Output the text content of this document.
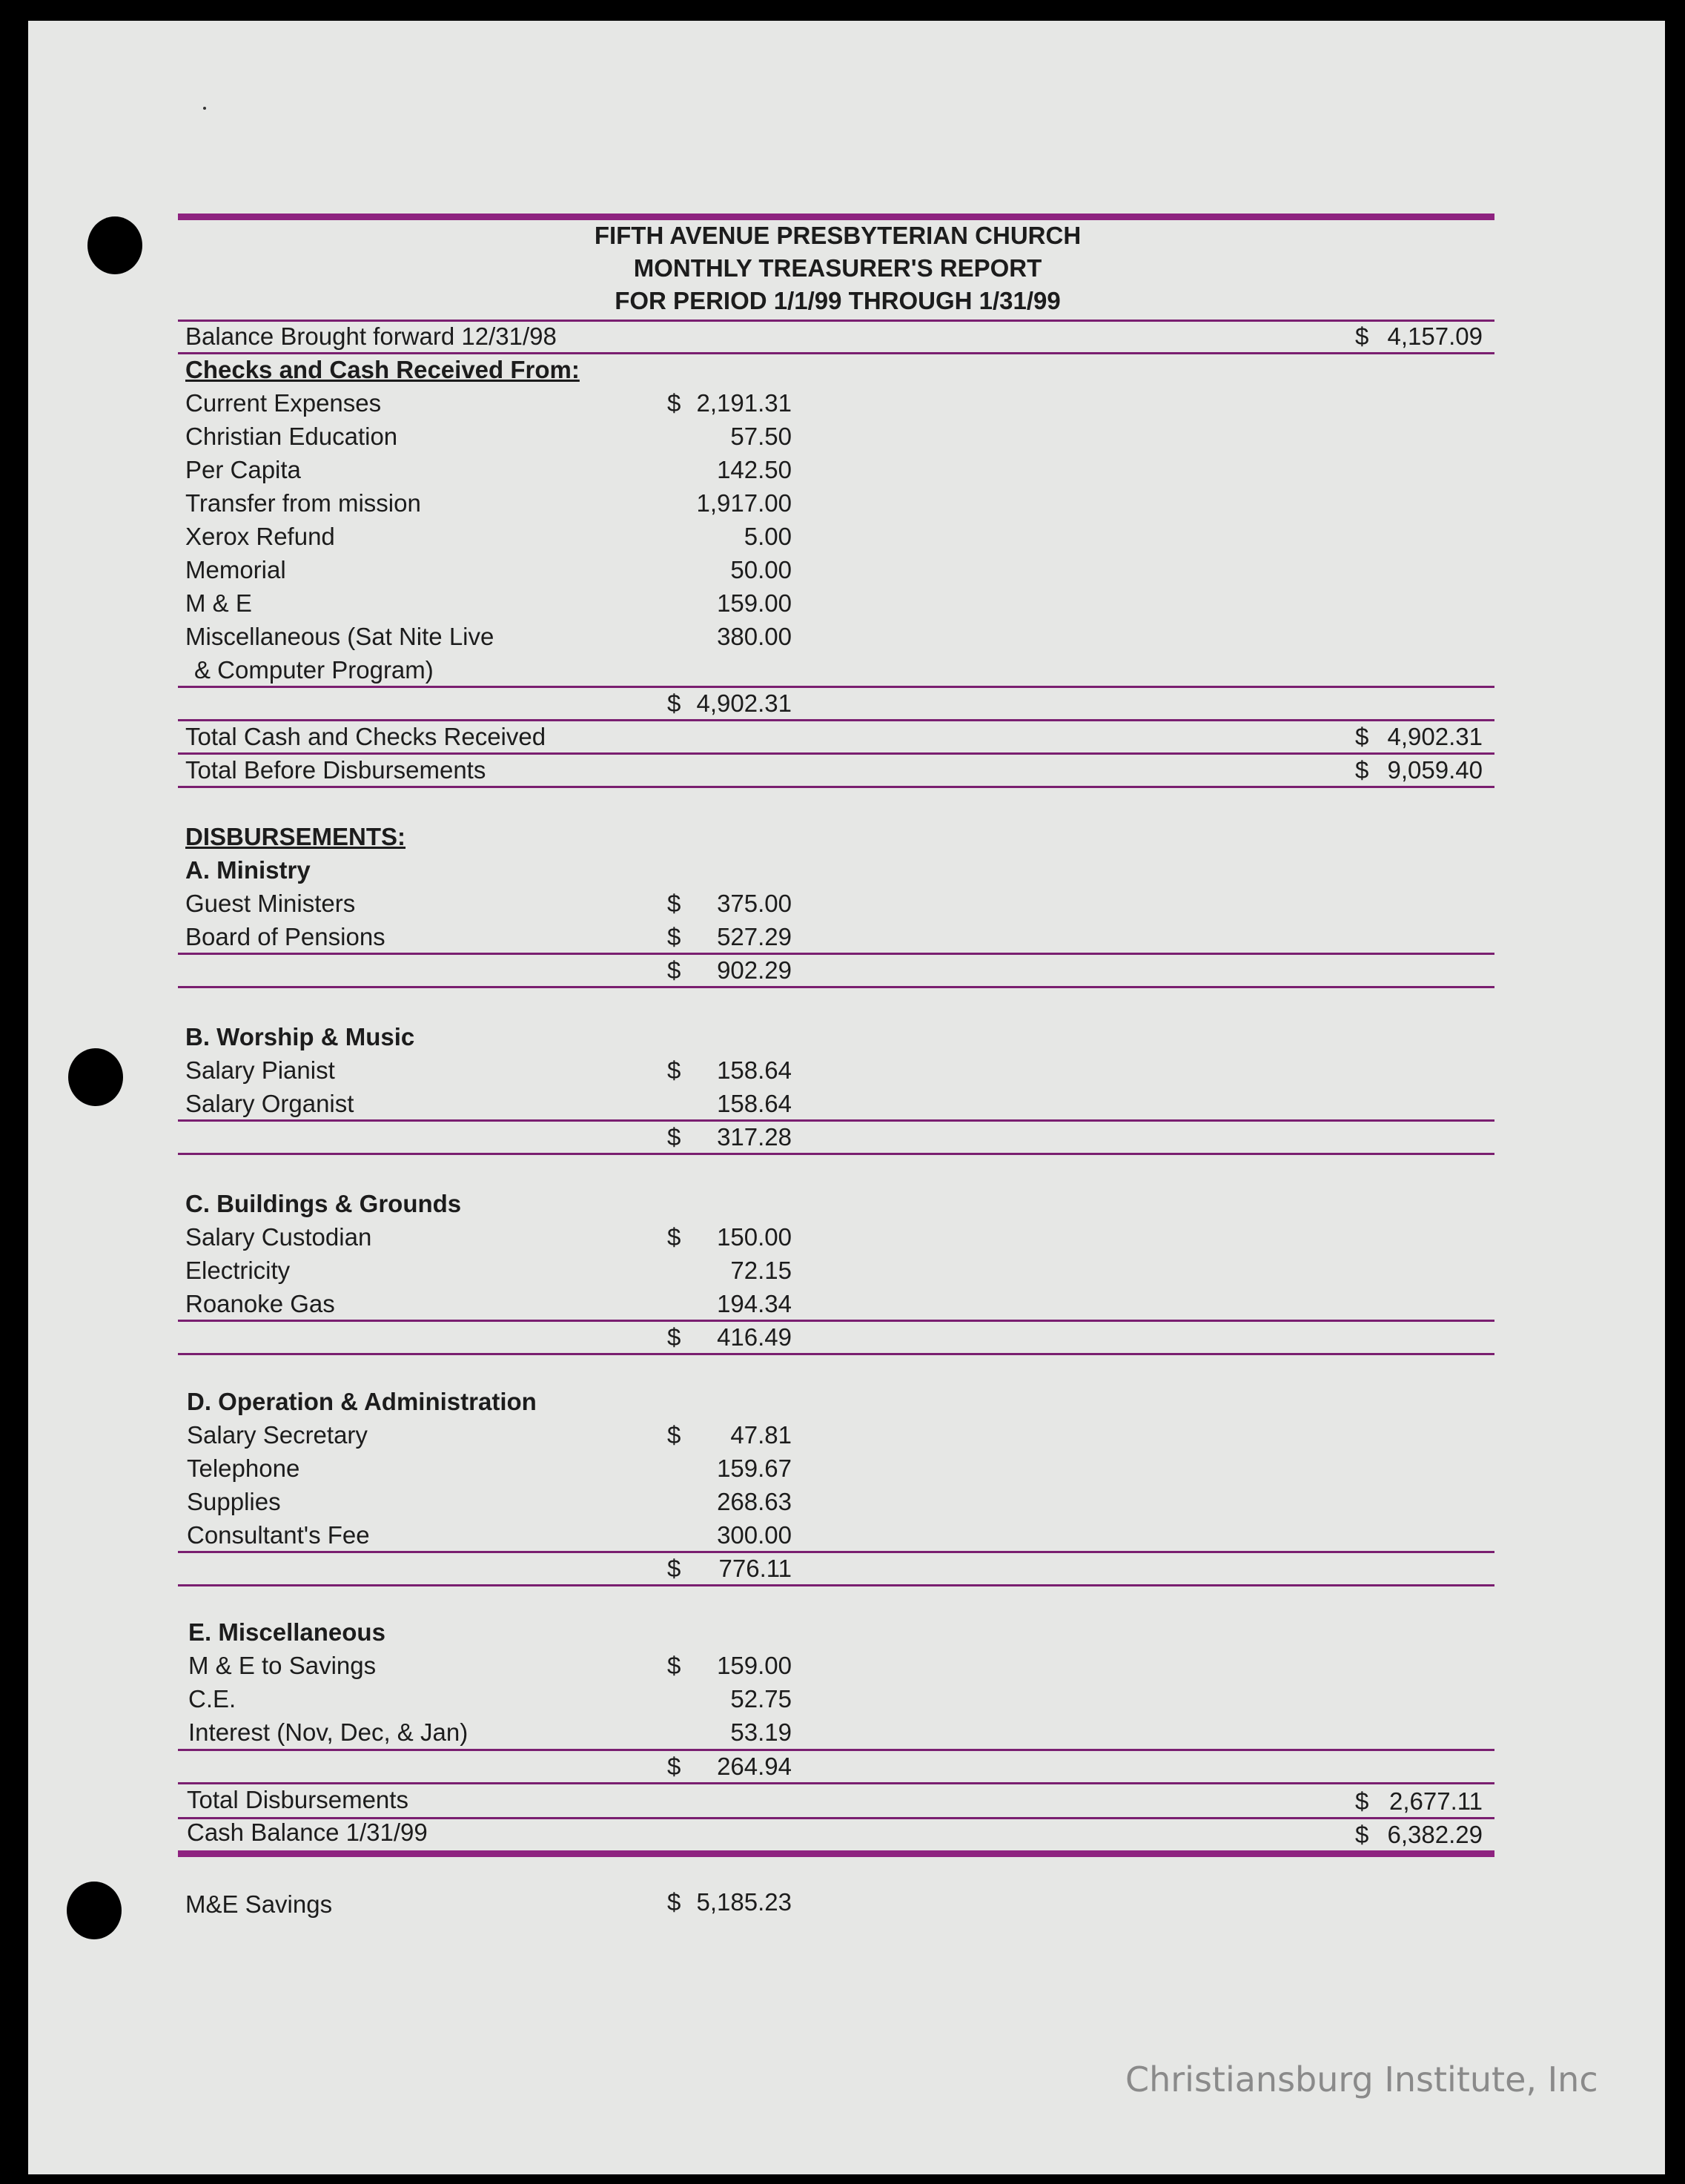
FIFTH AVENUE PRESBYTERIAN CHURCH
MONTHLY TREASURER'S REPORT
FOR PERIOD 1/1/99 THROUGH 1/31/99
Balance Brought forward 12/31/98	$ 4,157.09
Checks and Cash Received From:
Current Expenses	$ 2,191.31
Christian Education	57.50
Per Capita	142.50
Transfer from mission	1,917.00
Xerox Refund	5.00
Memorial	50.00
M & E	159.00
Miscellaneous (Sat Nite Live	380.00
& Computer Program)
$ 4,902.31
Total Cash and Checks Received	$ 4,902.31
Total Before Disbursements	$ 9,059.40
DISBURSEMENTS:
A. Ministry
Guest Ministers	$	375.00
Board of Pensions	$	527.29
$	902.29
B. Worship & Music
Salary Pianist	$	158.64
Salary Organist	158.64
$	317.28
C. Buildings & Grounds
Salary Custodian	$	150.00
Electricity	72.15
Roanoke Gas	194.34
$	416.49
D. Operation & Administration
Salary Secretary	$	47.81
Telephone	159.67
Supplies	268.63
Consultant's Fee	300.00
$	776.11
E. Miscellaneous
M & E to Savings	$	159.00
C.E.	52.75
Interest (Nov, Dec, & Jan)	53.19
$	264.94
Total Disbursements	$ 2,677.11
Cash Balance 1/31/99	$ 6,382.29
M&E Savings	$ 5,185.23
Christiansburg Institute, Inc
